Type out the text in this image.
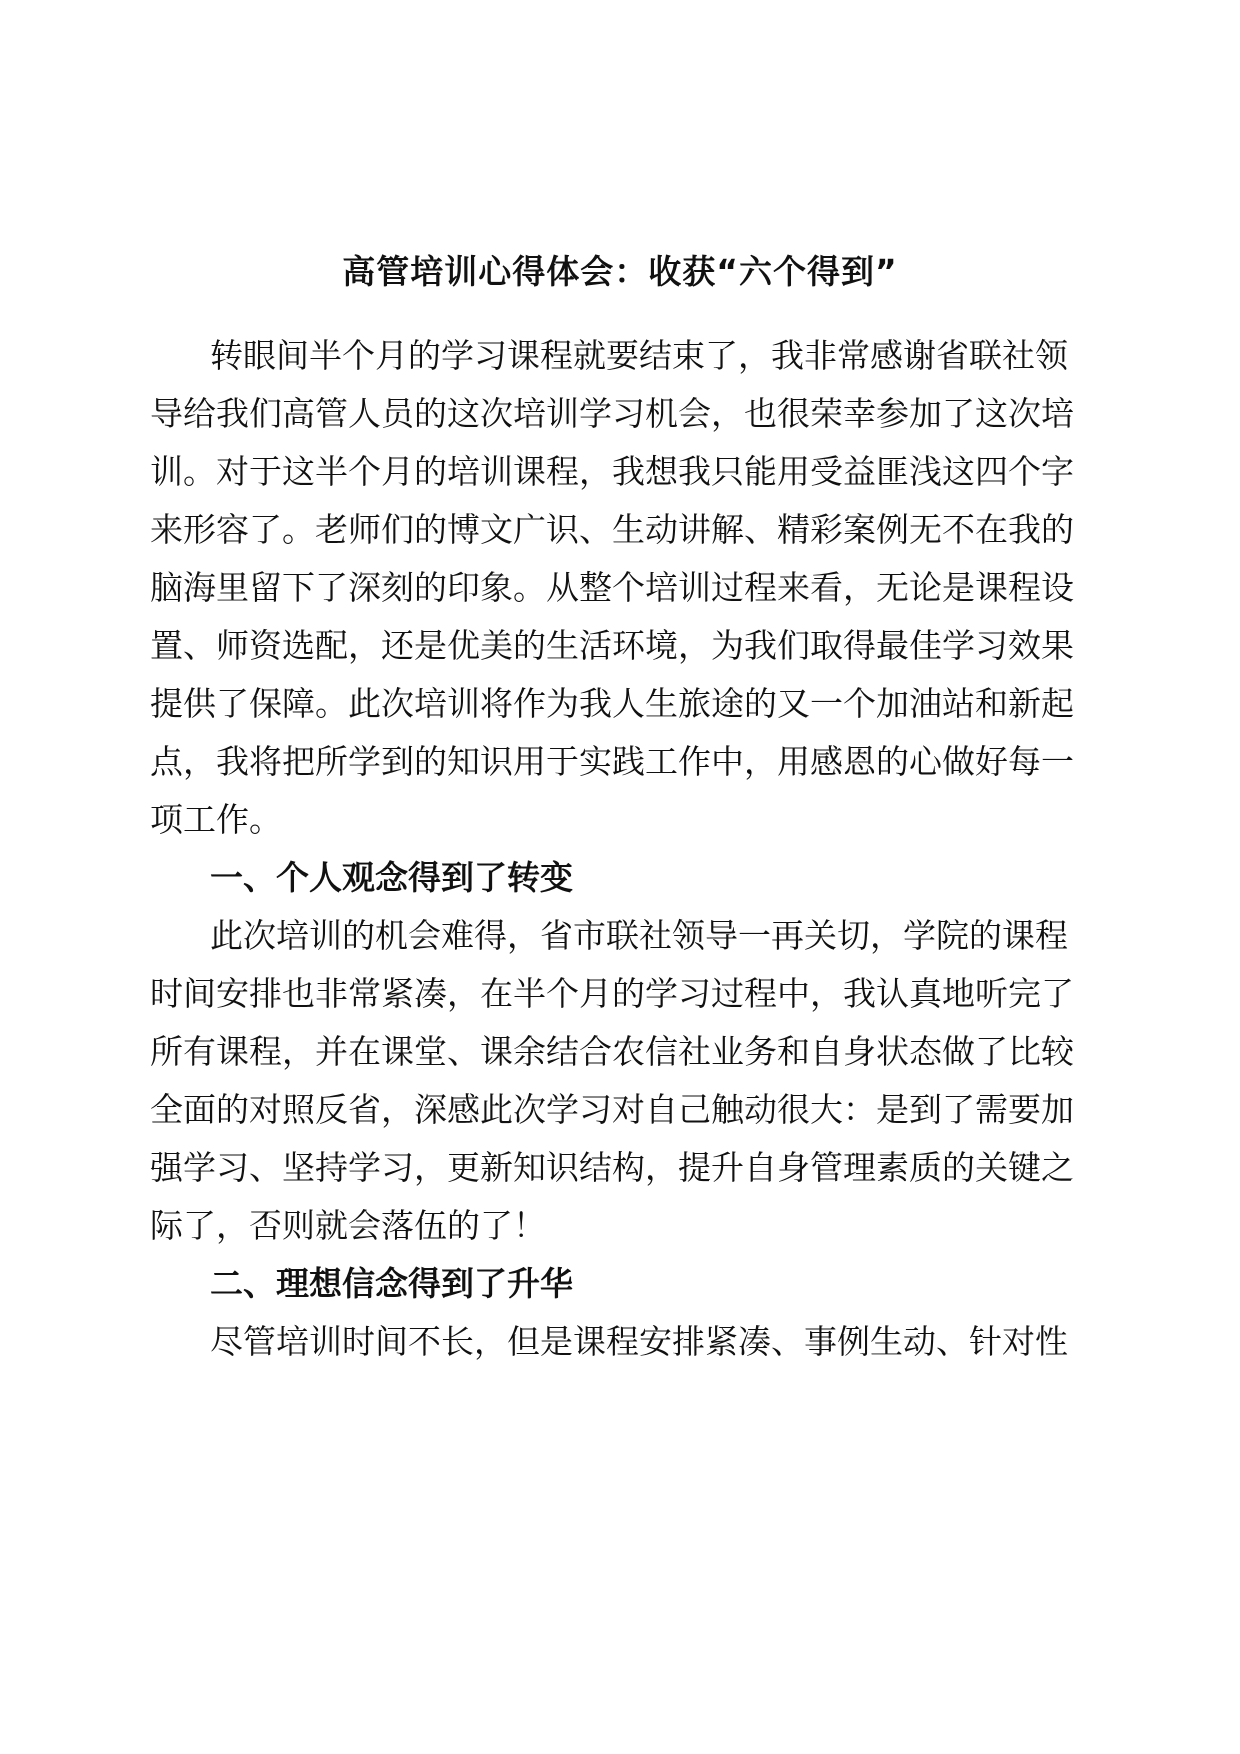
高管培训心得体会：收获“六个得到”
转眼间半个月的学习课程就要结束了，我非常感谢省联社领
导给我们高管人员的这次培训学习机会，也很荣幸参加了这次培
训。对于这半个月的培训课程，我想我只能用受益匪浅这四个字
来形容了。老师们的博文广识、生动讲解、精彩案例无不在我的
脑海里留下了深刻的印象。从整个培训过程来看，无论是课程设
置、师资选配，还是优美的生活环境，为我们取得最佳学习效果
提供了保障。此次培训将作为我人生旅途的又一个加油站和新起
点，我将把所学到的知识用于实践工作中，用感恩的心做好每一
项工作。
一、个人观念得到了转变
此次培训的机会难得，省市联社领导一再关切，学院的课程
时间安排也非常紧凑，在半个月的学习过程中，我认真地听完了
所有课程，并在课堂、课余结合农信社业务和自身状态做了比较
全面的对照反省，深感此次学习对自己触动很大：是到了需要加
强学习、坚持学习，更新知识结构，提升自身管理素质的关键之
际了，否则就会落伍的了！
二、理想信念得到了升华
尽管培训时间不长，但是课程安排紧凑、事例生动、针对性
